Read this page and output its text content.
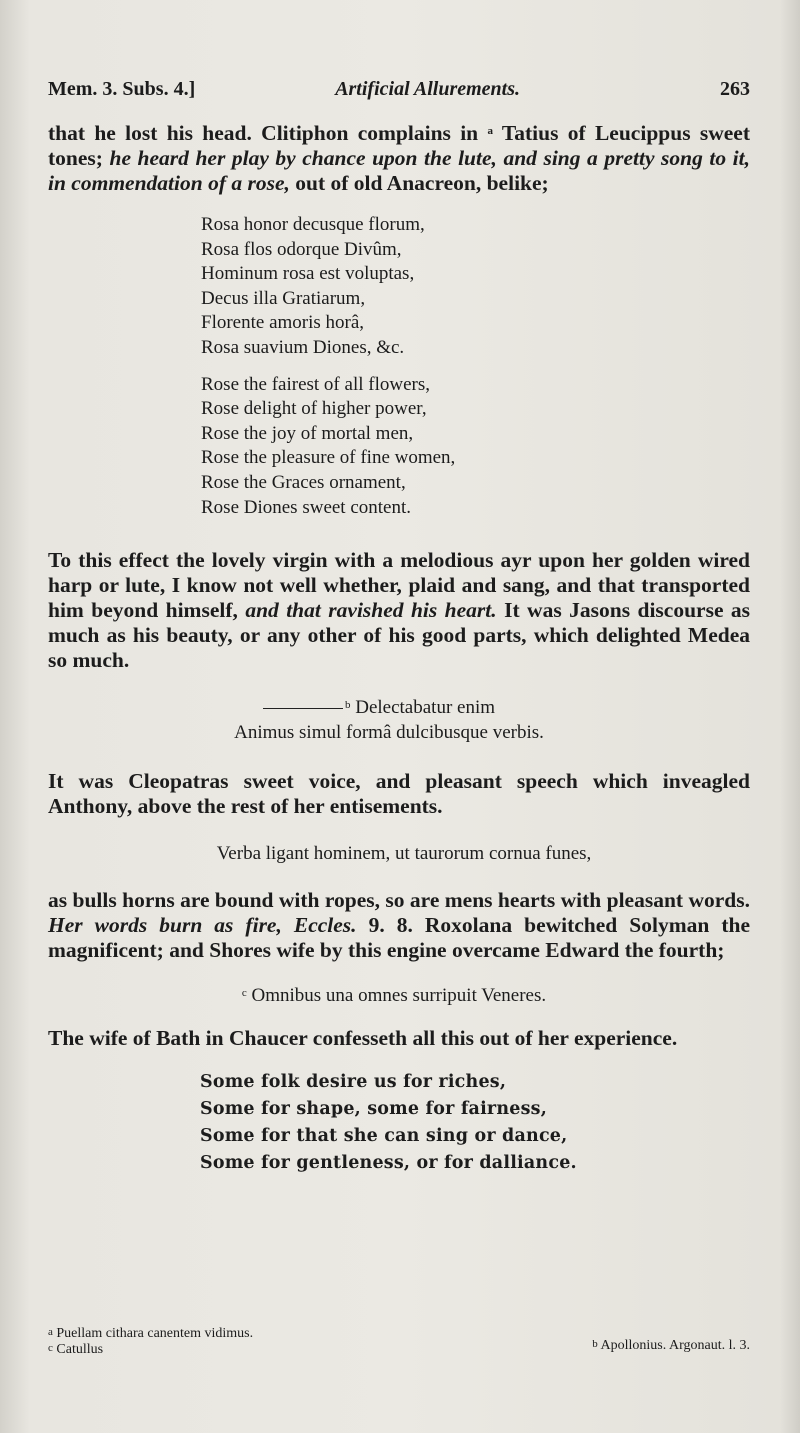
Mem. 3. Subs. 4.]	Artificial Allurements.	263

that he lost his head. Clitiphon complains in $^a$ Tatius of Leucippus sweet tones; he heard her play by chance upon the lute, and sing a pretty song to it, in commendation of a rose, out of old Anacreon, belike;

Rosa honor decusque florum,
Rosa flos odorque Divûm,
Hominum rosa est voluptas,
Decus illa Gratiarum,
Florente amoris horâ,
Rosa suavium Diones, &c.
Rose the fairest of all flowers,
Rose delight of higher power,
Rose the joy of mortal men,
Rose the pleasure of fine women,
Rose the Graces ornament,
Rose Diones sweet content.

To this effect the lovely virgin with a melodious ayr upon her golden wired harp or lute, I know not well whether, plaid and sang, and that transported him beyond himself, and that ravished his heart. It was Jasons discourse as much as his beauty, or any other of his good parts, which delighted Medea so much.

$^b$ Delectabatur enim
Animus simul formâ dulcibusque verbis.

It was Cleopatras sweet voice, and pleasant speech which inveagled Anthony, above the rest of her entisements.

Verba ligant hominem, ut taurorum cornua funes,

as bulls horns are bound with ropes, so are mens hearts with pleasant words. Her words burn as fire, Eccles. 9. 8. Roxolana bewitched Solyman the magnificent; and Shores wife by this engine overcame Edward the fourth;

$^c$ Omnibus una omnes surripuit Veneres.

The wife of Bath in Chaucer confesseth all this out of her experience.

Some folk desire us for riches,
Some for shape, some for fairness,
Some for that she can sing or dance,
Some for gentleness, or for dalliance.
$^a$ Puellam cithara canentem vidimus.
$^c$ Catullus	$^b$ Apollonius. Argonaut. l. 3.
